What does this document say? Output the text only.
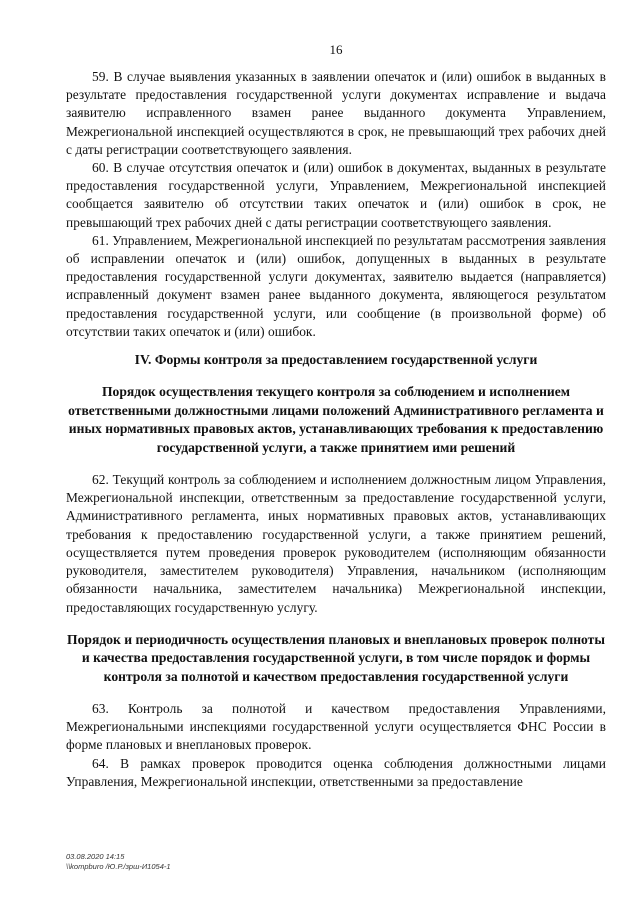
16

59. В случае выявления указанных в заявлении опечаток и (или) ошибок в выданных в результате предоставления государственной услуги документах исправление и выдача заявителю исправленного взамен ранее выданного документа Управлением, Межрегиональной инспекцией осуществляются в срок, не превышающий трех рабочих дней с даты регистрации соответствующего заявления.

60. В случае отсутствия опечаток и (или) ошибок в документах, выданных в результате предоставления государственной услуги, Управлением, Межрегиональной инспекцией сообщается заявителю об отсутствии таких опечаток и (или) ошибок в срок, не превышающий трех рабочих дней с даты регистрации соответствующего заявления.

61. Управлением, Межрегиональной инспекцией по результатам рассмотрения заявления об исправлении опечаток и (или) ошибок, допущенных в выданных в результате предоставления государственной услуги документах, заявителю выдается (направляется) исправленный документ взамен ранее выданного документа, являющегося результатом предоставления государственной услуги, или сообщение (в произвольной форме) об отсутствии таких опечаток и (или) ошибок.

IV. Формы контроля за предоставлением государственной услуги
Порядок осуществления текущего контроля за соблюдением и исполнением ответственными должностными лицами положений Административного регламента и иных нормативных правовых актов, устанавливающих требования к предоставлению государственной услуги, а также принятием ими решений

62. Текущий контроль за соблюдением и исполнением должностным лицом Управления, Межрегиональной инспекции, ответственным за предоставление государственной услуги, Административного регламента, иных нормативных правовых актов, устанавливающих требования к предоставлению государственной услуги, а также принятием решений, осуществляется путем проведения проверок руководителем (исполняющим обязанности руководителя, заместителем руководителя) Управления, начальником (исполняющим обязанности начальника, заместителем начальника) Межрегиональной инспекции, предоставляющих государственную услугу.

Порядок и периодичность осуществления плановых и внеплановых проверок полноты и качества предоставления государственной услуги, в том числе порядок и формы контроля за полнотой и качеством предоставления государственной услуги

63. Контроль за полнотой и качеством предоставления Управлениями, Межрегиональными инспекциями государственной услуги осуществляется ФНС России в форме плановых и внеплановых проверок.

64. В рамках проверок проводится оценка соблюдения должностными лицами Управления, Межрегиональной инспекции, ответственными за предоставление

03.08.2020 14:15
\\kompburo /Ю.Р./зрш-И1054-1
